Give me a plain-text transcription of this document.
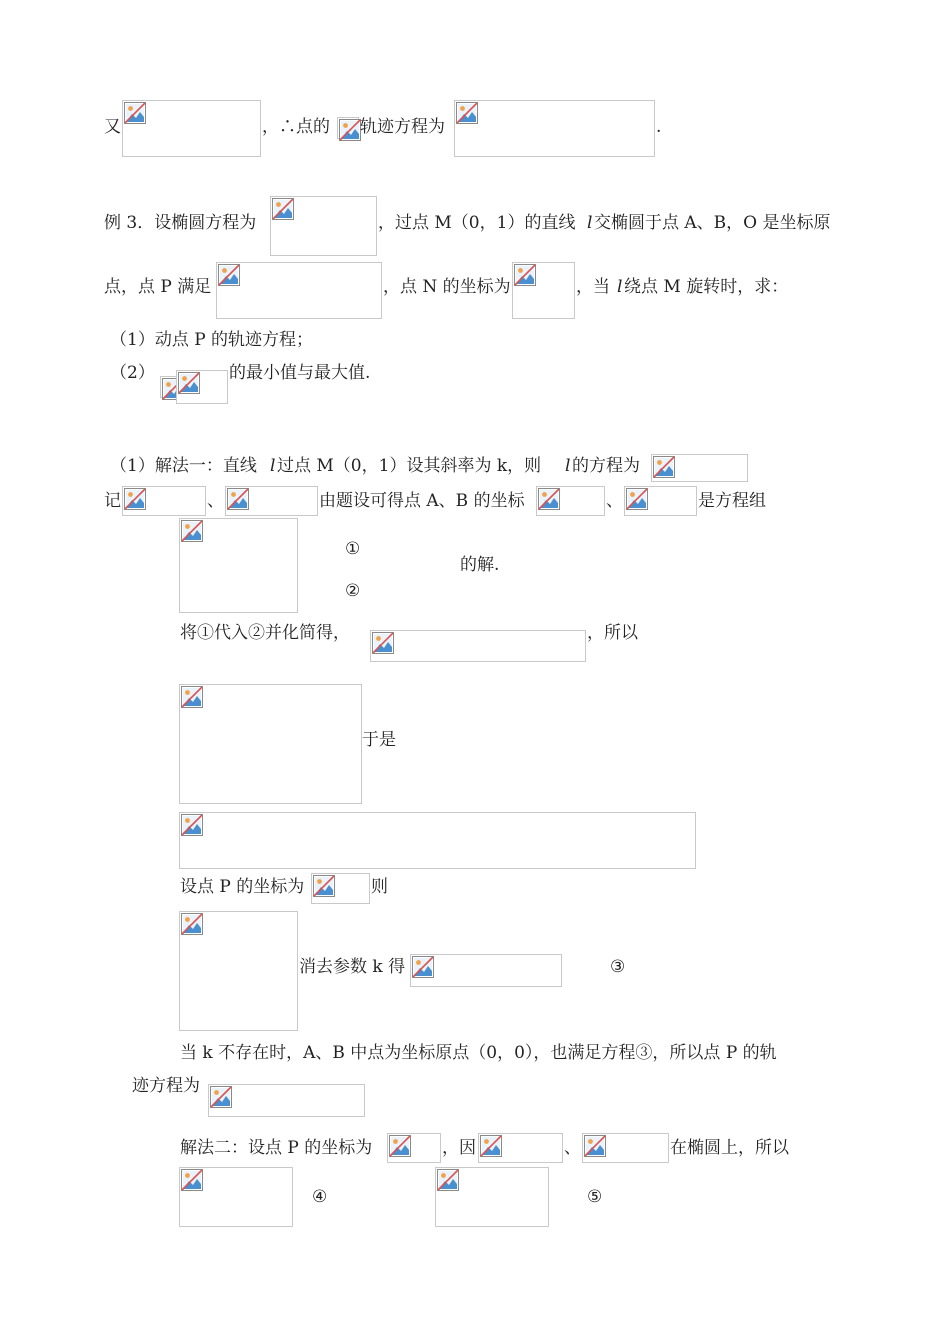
又	，∴点的 轨迹方程为	.
例 3．设椭圆方程为	，过点 M（0，1）的直线 l 交椭圆于点 A、B，O 是坐标原
点，点 P 满足	，点 N 的坐标为	，当 l 绕点 M 旋转时，求：
（1）动点 P 的轨迹方程；
（2）	的最小值与最大值.
（1）解法一：直线 l 过点 M（0，1）设其斜率为 k，则 l 的方程为
记	、	由题设可得点 A、B 的坐标	、	是方程组
①
的解.
②
将①代入②并化简得，	，所以
于是
设点 P 的坐标为	则
消去参数 k 得	③
当 k 不存在时，A、B 中点为坐标原点（0，0），也满足方程③，所以点 P 的轨
迹方程为
解法二：设点 P 的坐标为	，因	、	在椭圆上，所以
④	⑤
